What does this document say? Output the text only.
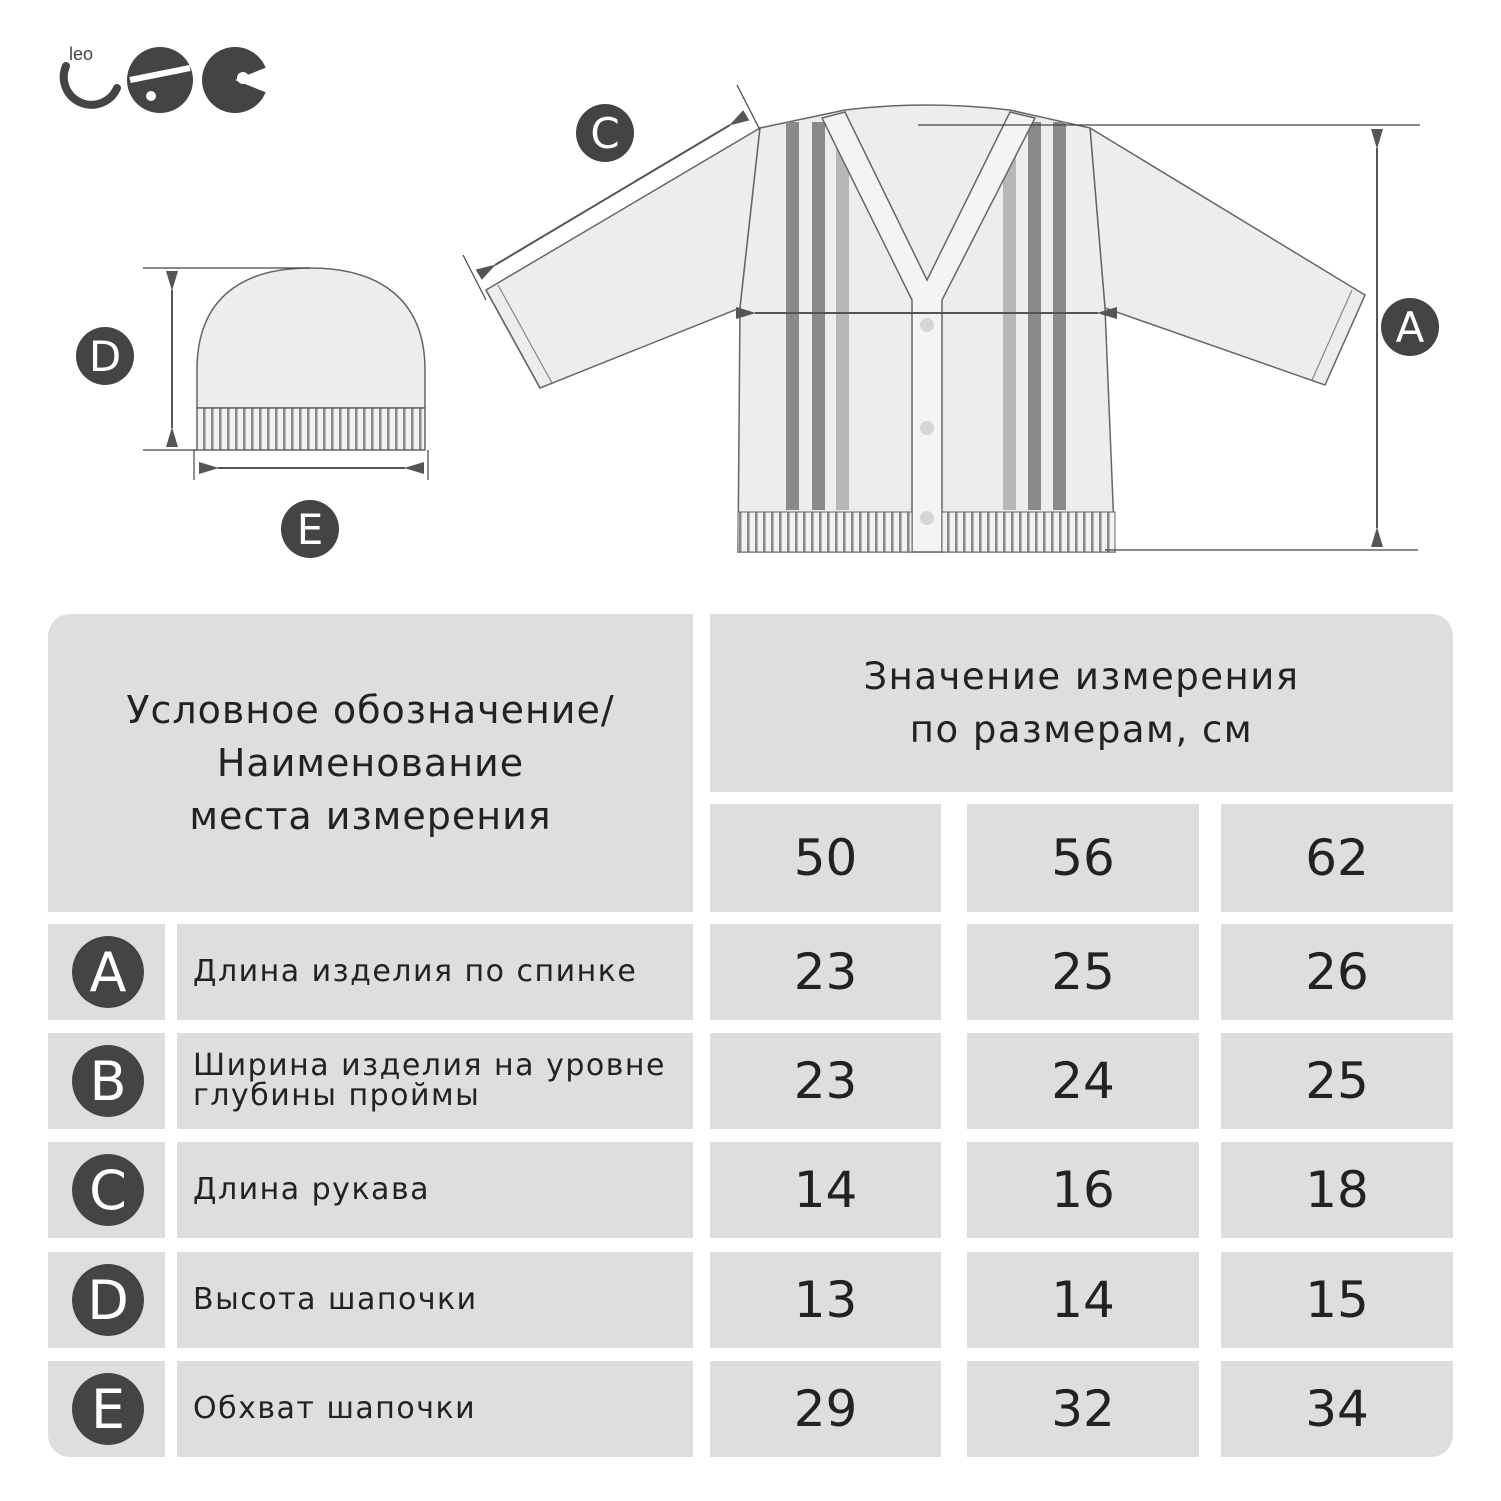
leo
C
A
D
E
Условное обозначение/
Наименование
места измерения
Значение измерения
по размерам, см
50	56	62
A	Длина изделия по спинке	23	25	26
B	Ширина изделия на уровне
глубины проймы	23	24	25
C	Длина рукава	14	16	18
D	Высота шапочки	13	14	15
E	Обхват шапочки	29	32	34
